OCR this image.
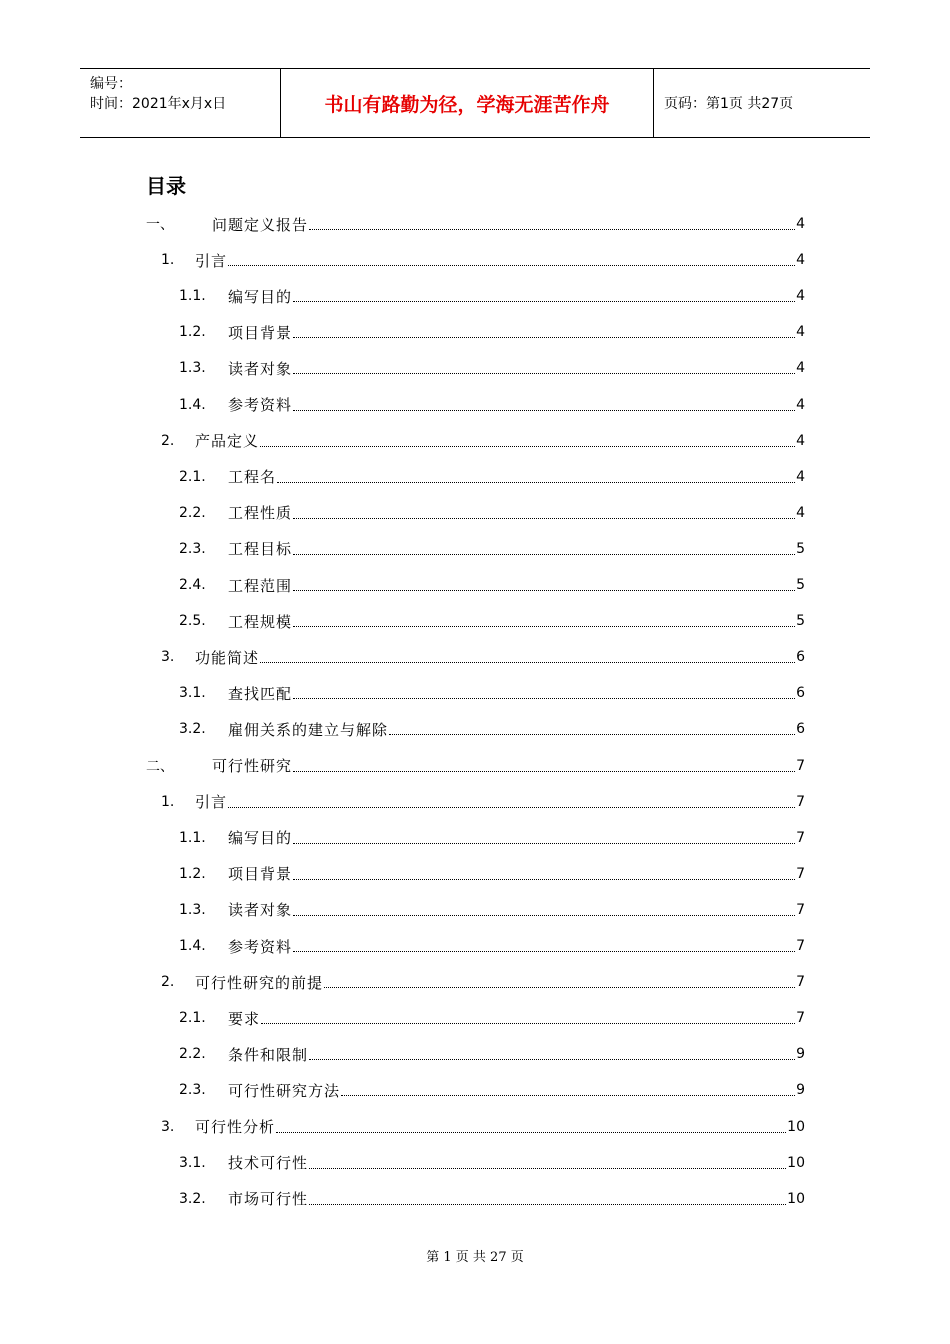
编号：
时间：2021年x月x日	书山有路勤为径，学海无涯苦作舟	页码：第1页 共27页
目录
一、	问题定义报告	4
1.	引言	4
1.1.	编写目的	4
1.2.	项目背景	4
1.3.	读者对象	4
1.4.	参考资料	4
2.	产品定义	4
2.1.	工程名	4
2.2.	工程性质	4
2.3.	工程目标	5
2.4.	工程范围	5
2.5.	工程规模	5
3.	功能简述	6
3.1.	查找匹配	6
3.2.	雇佣关系的建立与解除	6
二、	可行性研究	7
1.	引言	7
1.1.	编写目的	7
1.2.	项目背景	7
1.3.	读者对象	7
1.4.	参考资料	7
2.	可行性研究的前提	7
2.1.	要求	7
2.2.	条件和限制	9
2.3.	可行性研究方法	9
3.	可行性分析	10
3.1.	技术可行性	10
3.2.	市场可行性	10
第 1 页 共 27 页
